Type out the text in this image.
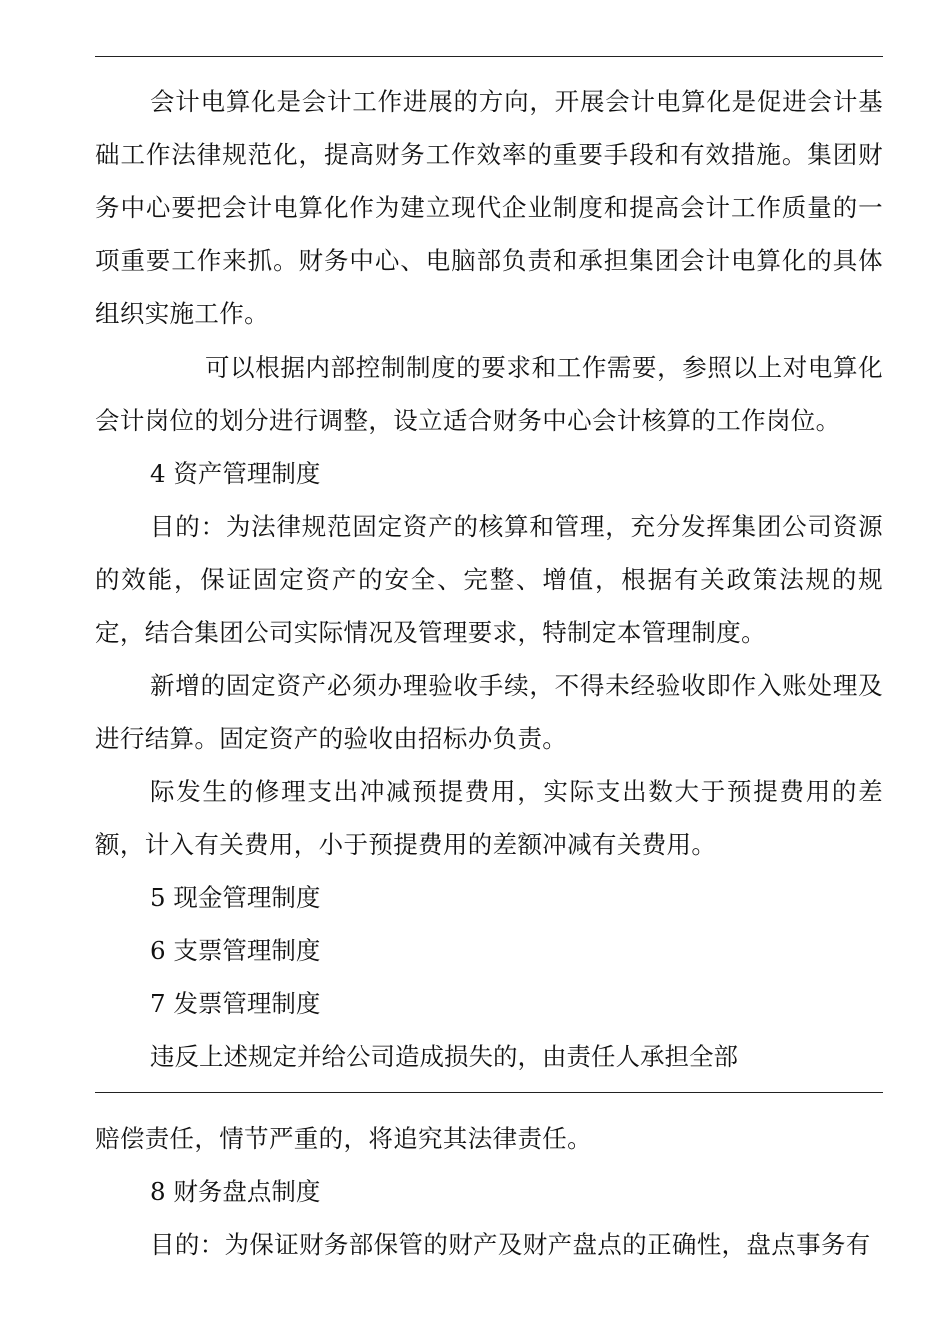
会计电算化是会计工作进展的方向，开展会计电算化是促进会计基础工作法律规范化，提高财务工作效率的重要手段和有效措施。集团财务中心要把会计电算化作为建立现代企业制度和提高会计工作质量的一项重要工作来抓。财务中心、电脑部负责和承担集团会计电算化的具体组织实施工作。

可以根据内部控制制度的要求和工作需要，参照以上对电算化会计岗位的划分进行调整，设立适合财务中心会计核算的工作岗位。

4 资产管理制度

目的：为法律规范固定资产的核算和管理，充分发挥集团公司资源的效能，保证固定资产的安全、完整、增值，根据有关政策法规的规定，结合集团公司实际情况及管理要求，特制定本管理制度。

新增的固定资产必须办理验收手续，不得未经验收即作入账处理及进行结算。固定资产的验收由招标办负责。

际发生的修理支出冲减预提费用，实际支出数大于预提费用的差额，计入有关费用，小于预提费用的差额冲减有关费用。

5 现金管理制度

6 支票管理制度

7 发票管理制度

违反上述规定并给公司造成损失的，由责任人承担全部

赔偿责任，情节严重的，将追究其法律责任。

8 财务盘点制度

目的：为保证财务部保管的财产及财产盘点的正确性，盘点事务有
